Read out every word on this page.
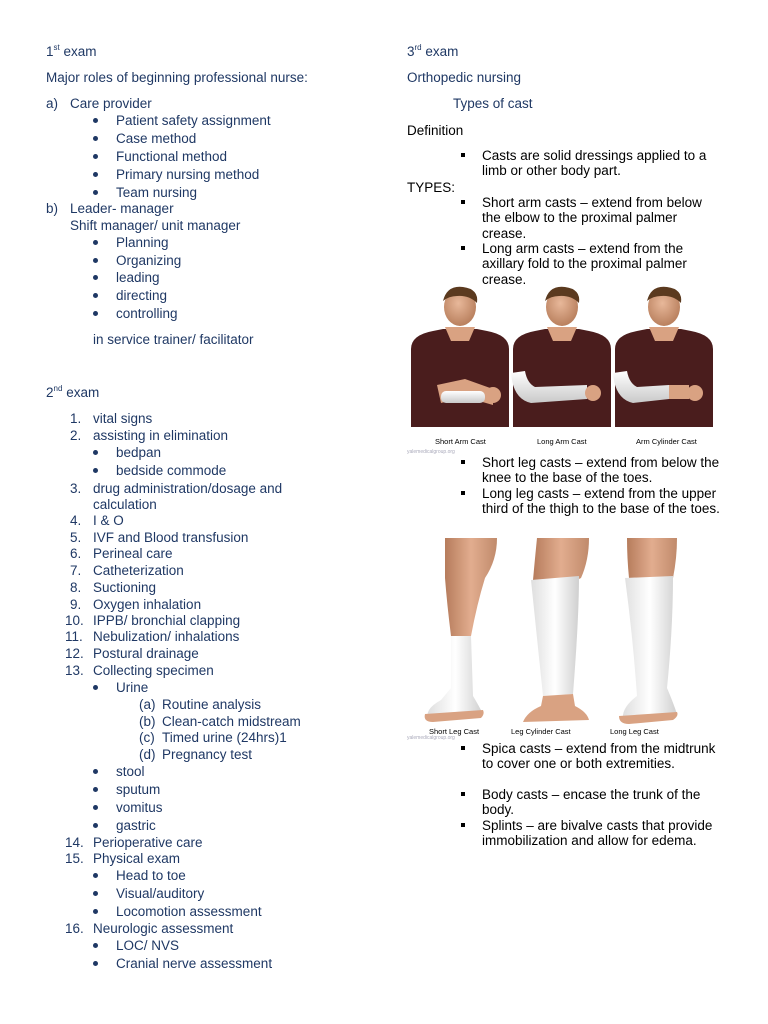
1st exam
Major roles of beginning professional nurse:
a) Care provider
Patient safety assignment
Case method
Functional method
Primary nursing method
Team nursing
b) Leader- manager
Shift manager/ unit manager
Planning
Organizing
leading
directing
controlling
in service trainer/ facilitator
2nd exam
1. vital signs
2. assisting in elimination
bedpan
bedside commode
3. drug administration/dosage and
calculation
4. I & O
5. IVF and Blood transfusion
6. Perineal care
7. Catheterization
8. Suctioning
9. Oxygen inhalation
10. IPPB/ bronchial clapping
11. Nebulization/ inhalations
12. Postural drainage
13. Collecting specimen
Urine
(a) Routine analysis
(b) Clean-catch midstream
(c) Timed urine (24hrs)1
(d) Pregnancy test
stool
sputum
vomitus
gastric
14. Perioperative care
15. Physical exam
Head to toe
Visual/auditory
Locomotion assessment
16. Neurologic assessment
LOC/ NVS
Cranial nerve assessment
3rd exam
Orthopedic nursing
Types of cast
Definition
Casts are solid dressings applied to a limb or other body part.
TYPES:
Short arm casts – extend from below the elbow to the proximal palmer crease.
Long arm casts – extend from the axillary fold to the proximal palmer crease.
Short Arm Cast	Long Arm Cast	Arm Cylinder Cast
yalemedicalgroup.org
Short leg casts – extend from below the knee to the base of the toes.
Long leg casts – extend from the upper third of the thigh to the base of the toes.
Short Leg Cast	Leg Cylinder Cast	Long Leg Cast
yalemedicalgroup.org
Spica casts – extend from the midtrunk to cover one or both extremities.
Body casts – encase the trunk of the body.
Splints – are bivalve casts that provide immobilization and allow for edema.
